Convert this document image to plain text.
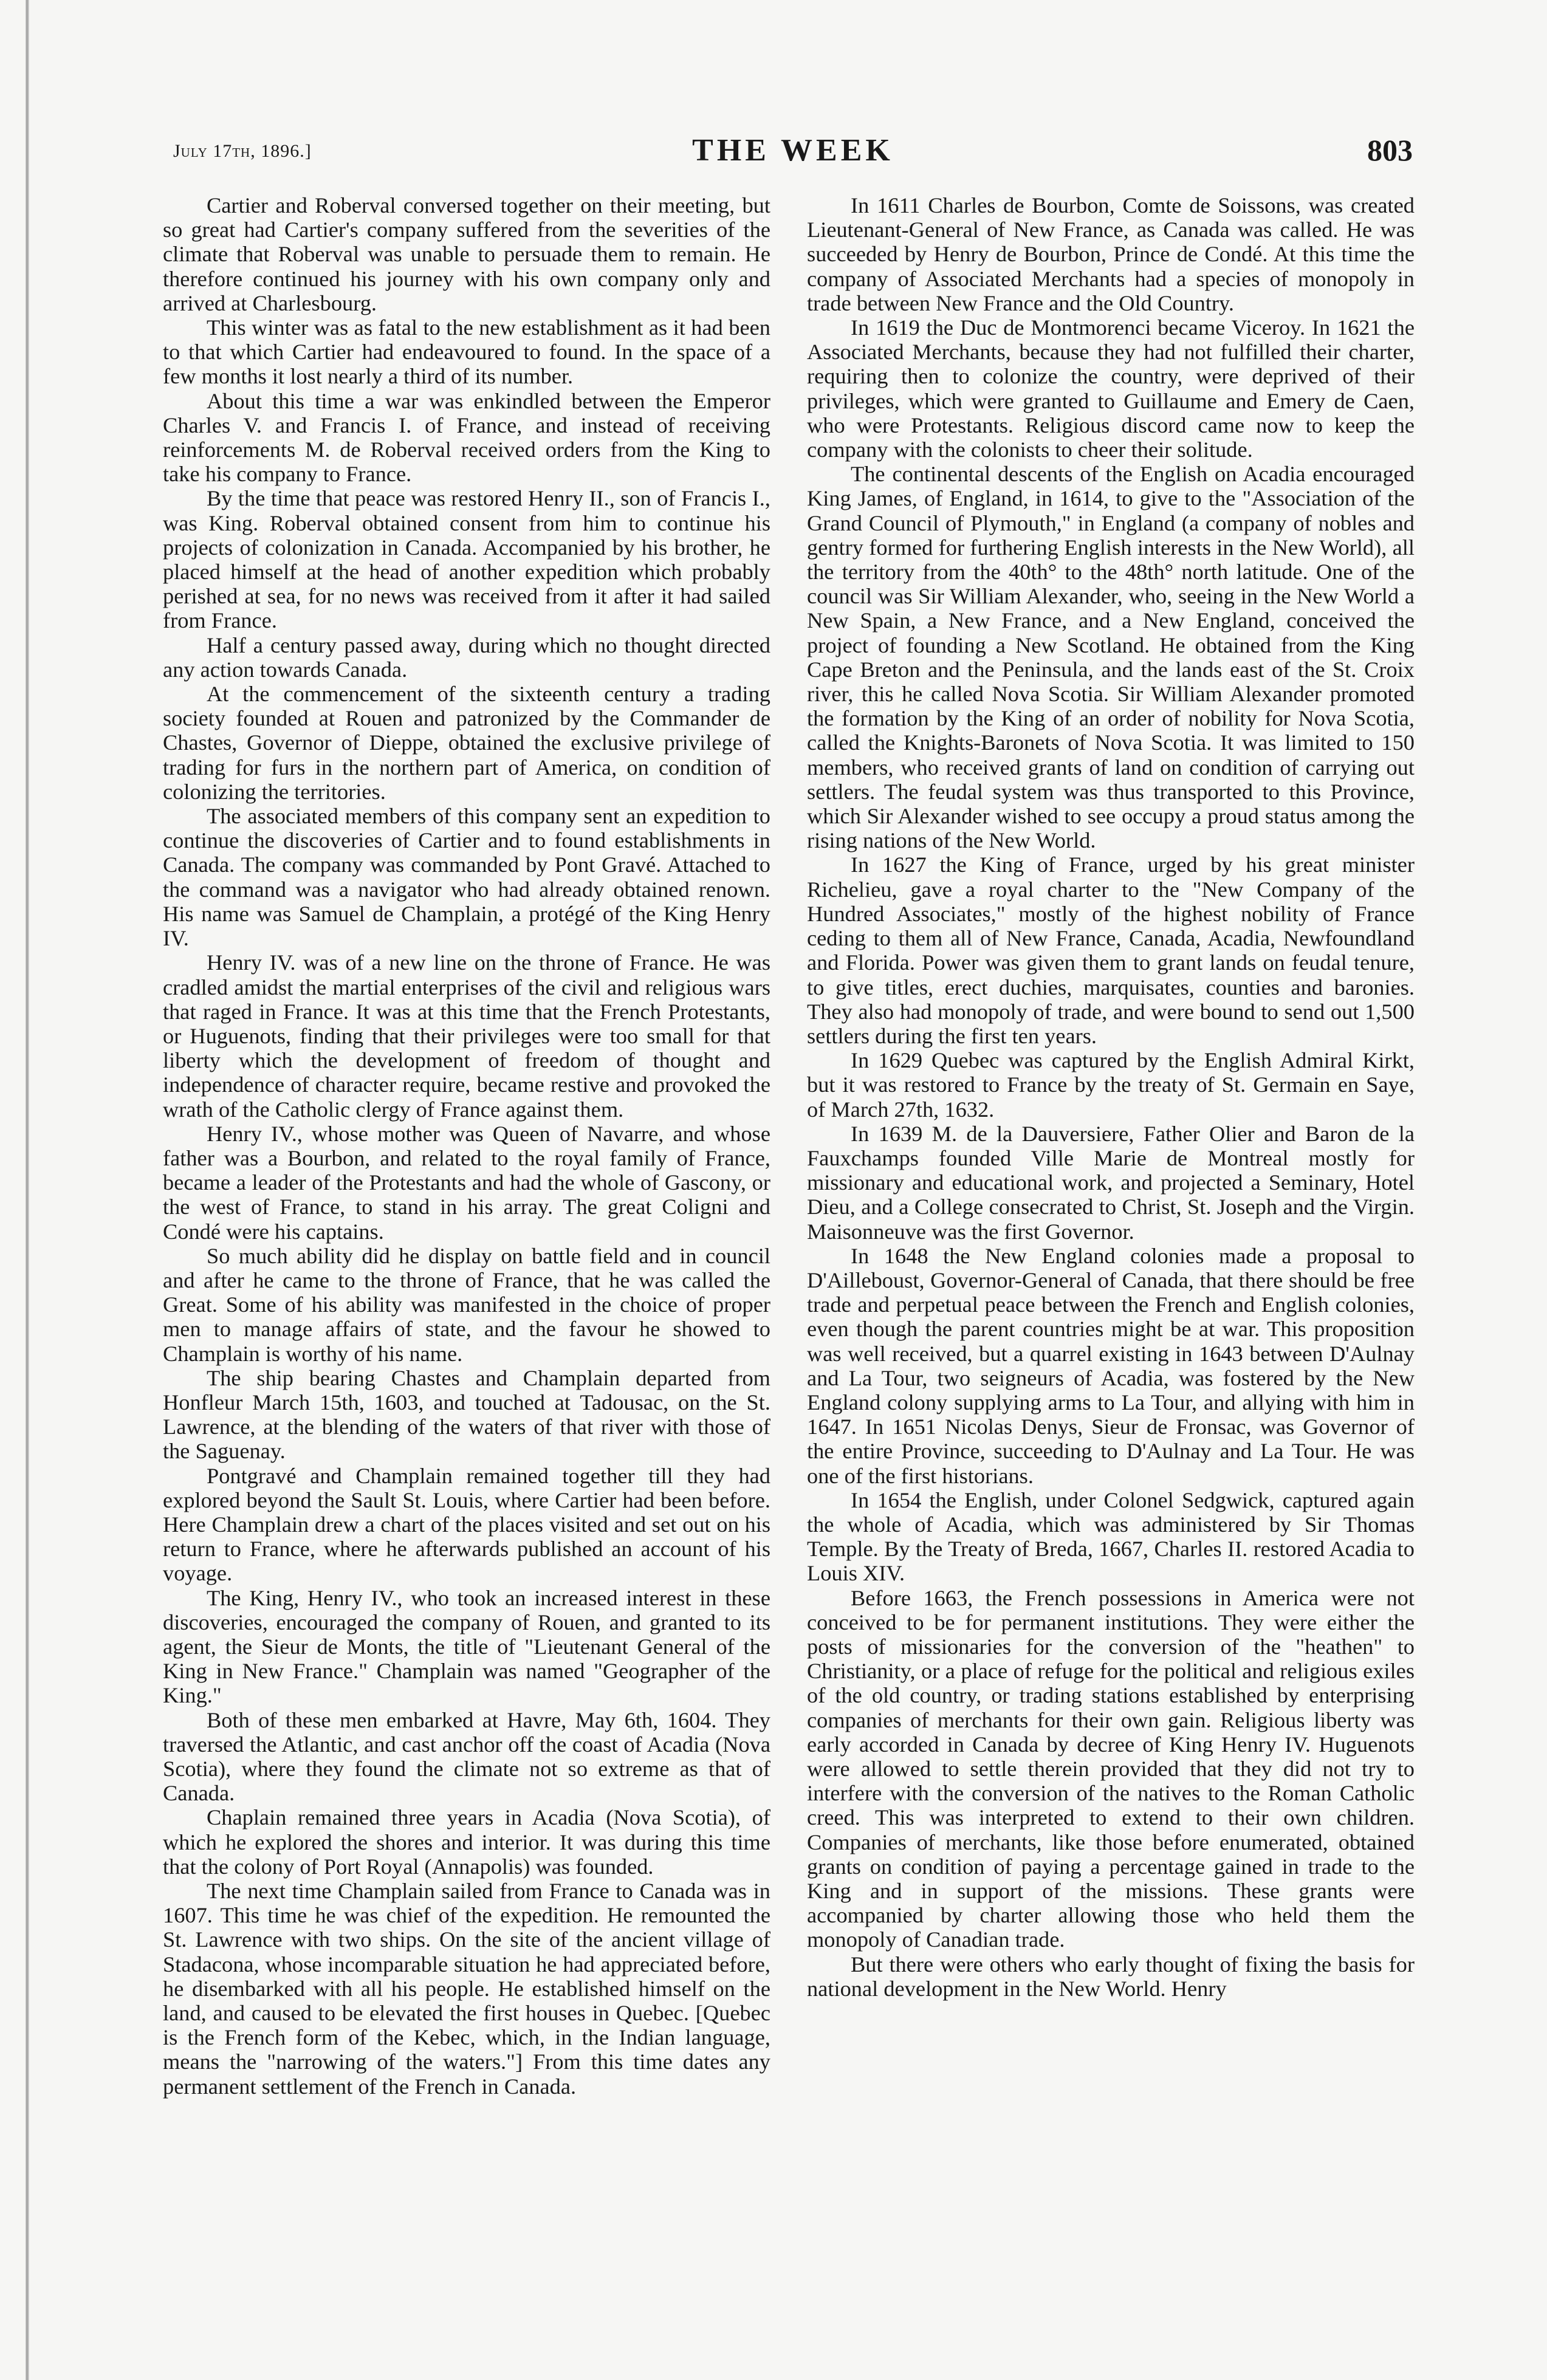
July 17th, 1896.]	THE WEEK	803

Cartier and Roberval conversed together on their meeting, but so great had Cartier's company suffered from the severities of the climate that Roberval was unable to persuade them to remain. He therefore continued his journey with his own company only and arrived at Charlesbourg.

This winter was as fatal to the new establishment as it had been to that which Cartier had endeavoured to found. In the space of a few months it lost nearly a third of its number.

About this time a war was enkindled between the Emperor Charles V. and Francis I. of France, and instead of receiving reinforcements M. de Roberval received orders from the King to take his company to France.

By the time that peace was restored Henry II., son of Francis I., was King. Roberval obtained consent from him to continue his projects of colonization in Canada. Accompanied by his brother, he placed himself at the head of another expedition which probably perished at sea, for no news was received from it after it had sailed from France.

Half a century passed away, during which no thought directed any action towards Canada.

At the commencement of the sixteenth century a trading society founded at Rouen and patronized by the Commander de Chastes, Governor of Dieppe, obtained the exclusive privilege of trading for furs in the northern part of America, on condition of colonizing the territories.

The associated members of this company sent an expedition to continue the discoveries of Cartier and to found establishments in Canada. The company was commanded by Pont Gravé. Attached to the command was a navigator who had already obtained renown. His name was Samuel de Champlain, a protégé of the King Henry IV.

Henry IV. was of a new line on the throne of France. He was cradled amidst the martial enterprises of the civil and religious wars that raged in France. It was at this time that the French Protestants, or Huguenots, finding that their privileges were too small for that liberty which the development of freedom of thought and independence of character require, became restive and provoked the wrath of the Catholic clergy of France against them.

Henry IV., whose mother was Queen of Navarre, and whose father was a Bourbon, and related to the royal family of France, became a leader of the Protestants and had the whole of Gascony, or the west of France, to stand in his array. The great Coligni and Condé were his captains.

So much ability did he display on battle field and in council and after he came to the throne of France, that he was called the Great. Some of his ability was manifested in the choice of proper men to manage affairs of state, and the favour he showed to Champlain is worthy of his name.

The ship bearing Chastes and Champlain departed from Honfleur March 15th, 1603, and touched at Tadousac, on the St. Lawrence, at the blending of the waters of that river with those of the Saguenay.

Pontgravé and Champlain remained together till they had explored beyond the Sault St. Louis, where Cartier had been before. Here Champlain drew a chart of the places visited and set out on his return to France, where he afterwards published an account of his voyage.

The King, Henry IV., who took an increased interest in these discoveries, encouraged the company of Rouen, and granted to its agent, the Sieur de Monts, the title of "Lieutenant General of the King in New France." Champlain was named "Geographer of the King."

Both of these men embarked at Havre, May 6th, 1604. They traversed the Atlantic, and cast anchor off the coast of Acadia (Nova Scotia), where they found the climate not so extreme as that of Canada.

Chaplain remained three years in Acadia (Nova Scotia), of which he explored the shores and interior. It was during this time that the colony of Port Royal (Annapolis) was founded.

The next time Champlain sailed from France to Canada was in 1607. This time he was chief of the expedition. He remounted the St. Lawrence with two ships. On the site of the ancient village of Stadacona, whose incomparable situation he had appreciated before, he disembarked with all his people. He established himself on the land, and caused to be elevated the first houses in Quebec. [Quebec is the French form of the Kebec, which, in the Indian language, means the "narrowing of the waters."] From this time dates any permanent settlement of the French in Canada.

In 1611 Charles de Bourbon, Comte de Soissons, was created Lieutenant-General of New France, as Canada was called. He was succeeded by Henry de Bourbon, Prince de Condé. At this time the company of Associated Merchants had a species of monopoly in trade between New France and the Old Country.

In 1619 the Duc de Montmorenci became Viceroy. In 1621 the Associated Merchants, because they had not fulfilled their charter, requiring then to colonize the country, were deprived of their privileges, which were granted to Guillaume and Emery de Caen, who were Protestants. Religious discord came now to keep the company with the colonists to cheer their solitude.

The continental descents of the English on Acadia encouraged King James, of England, in 1614, to give to the "Association of the Grand Council of Plymouth," in England (a company of nobles and gentry formed for furthering English interests in the New World), all the territory from the 40th° to the 48th° north latitude. One of the council was Sir William Alexander, who, seeing in the New World a New Spain, a New France, and a New England, conceived the project of founding a New Scotland. He obtained from the King Cape Breton and the Peninsula, and the lands east of the St. Croix river, this he called Nova Scotia. Sir William Alexander promoted the formation by the King of an order of nobility for Nova Scotia, called the Knights-Baronets of Nova Scotia. It was limited to 150 members, who received grants of land on condition of carrying out settlers. The feudal system was thus transported to this Province, which Sir Alexander wished to see occupy a proud status among the rising nations of the New World.

In 1627 the King of France, urged by his great minister Richelieu, gave a royal charter to the "New Company of the Hundred Associates," mostly of the highest nobility of France ceding to them all of New France, Canada, Acadia, Newfoundland and Florida. Power was given them to grant lands on feudal tenure, to give titles, erect duchies, marquisates, counties and baronies. They also had monopoly of trade, and were bound to send out 1,500 settlers during the first ten years.

In 1629 Quebec was captured by the English Admiral Kirkt, but it was restored to France by the treaty of St. Germain en Saye, of March 27th, 1632.

In 1639 M. de la Dauversiere, Father Olier and Baron de la Fauxchamps founded Ville Marie de Montreal mostly for missionary and educational work, and projected a Seminary, Hotel Dieu, and a College consecrated to Christ, St. Joseph and the Virgin. Maisonneuve was the first Governor.

In 1648 the New England colonies made a proposal to D'Ailleboust, Governor-General of Canada, that there should be free trade and perpetual peace between the French and English colonies, even though the parent countries might be at war. This proposition was well received, but a quarrel existing in 1643 between D'Aulnay and La Tour, two seigneurs of Acadia, was fostered by the New England colony supplying arms to La Tour, and allying with him in 1647. In 1651 Nicolas Denys, Sieur de Fronsac, was Governor of the entire Province, succeeding to D'Aulnay and La Tour. He was one of the first historians.

In 1654 the English, under Colonel Sedgwick, captured again the whole of Acadia, which was administered by Sir Thomas Temple. By the Treaty of Breda, 1667, Charles II. restored Acadia to Louis XIV.

Before 1663, the French possessions in America were not conceived to be for permanent institutions. They were either the posts of missionaries for the conversion of the "heathen" to Christianity, or a place of refuge for the political and religious exiles of the old country, or trading stations established by enterprising companies of merchants for their own gain. Religious liberty was early accorded in Canada by decree of King Henry IV. Huguenots were allowed to settle therein provided that they did not try to interfere with the conversion of the natives to the Roman Catholic creed. This was interpreted to extend to their own children. Companies of merchants, like those before enumerated, obtained grants on condition of paying a percentage gained in trade to the King and in support of the missions. These grants were accompanied by charter allowing those who held them the monopoly of Canadian trade.

But there were others who early thought of fixing the basis for national development in the New World. Henry
